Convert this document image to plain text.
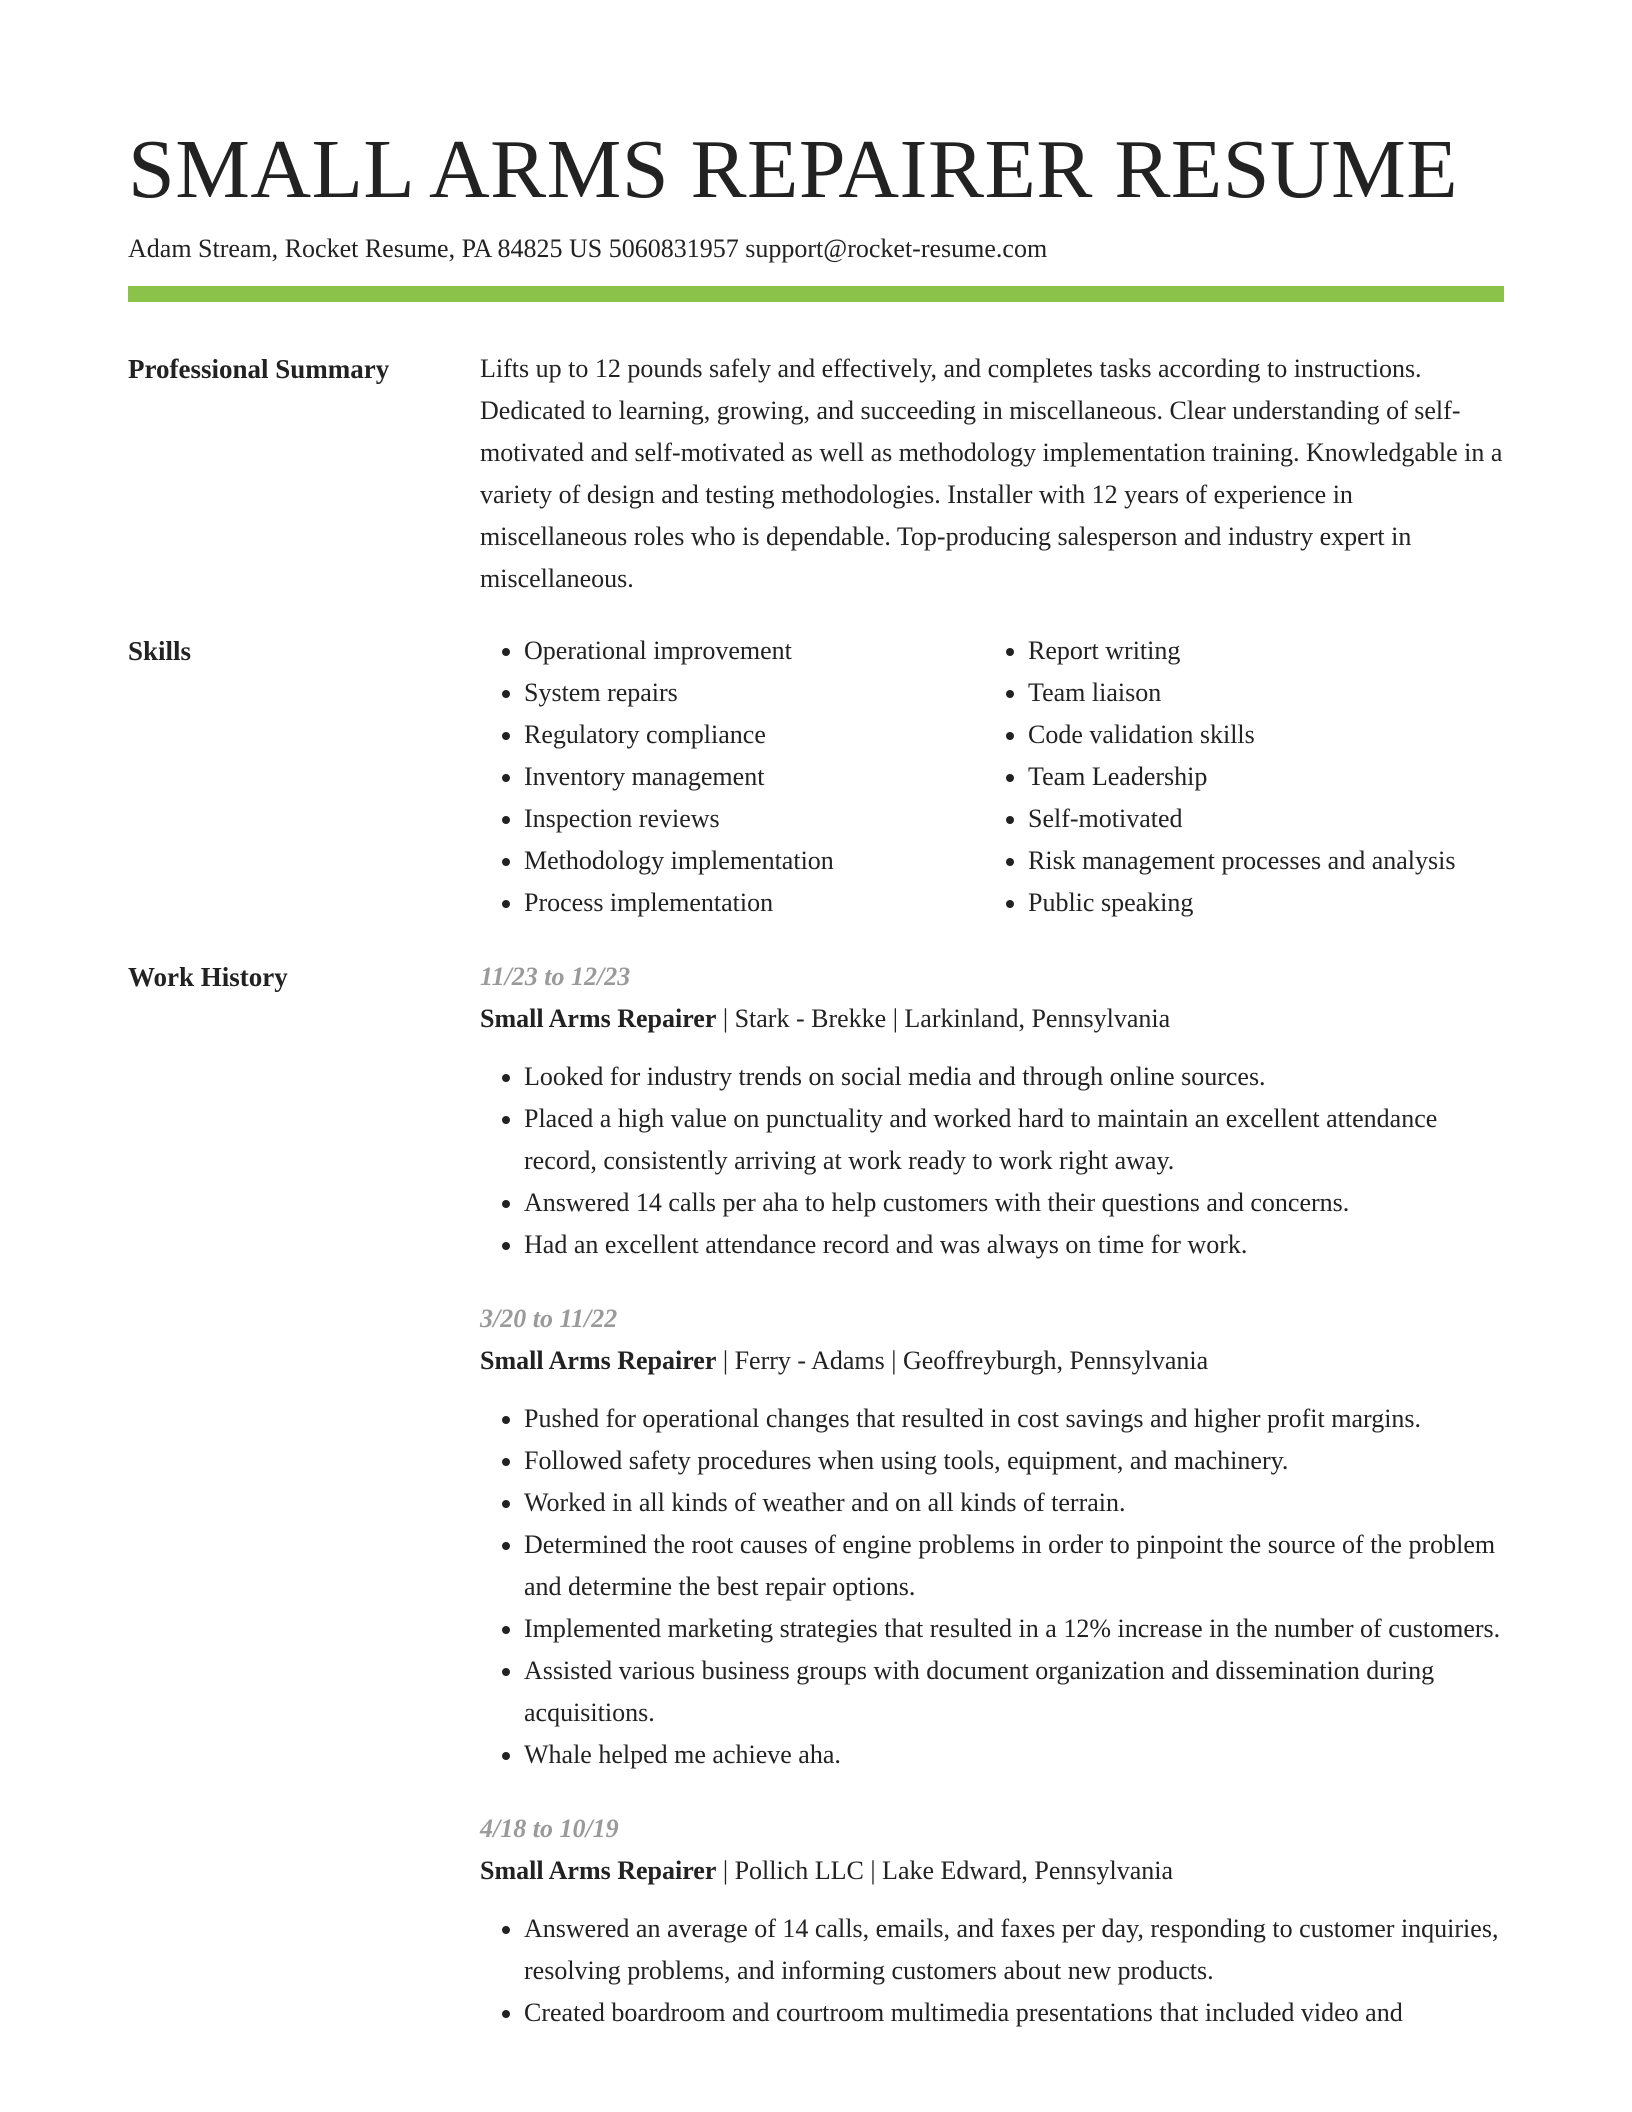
SMALL ARMS REPAIRER RESUME
Adam Stream, Rocket Resume, PA 84825 US 5060831957 support@rocket-resume.com
Professional Summary	Lifts up to 12 pounds safely and effectively, and completes tasks according to instructions. Dedicated to learning, growing, and succeeding in miscellaneous. Clear understanding of self-motivated and self-motivated as well as methodology implementation training. Knowledgable in a variety of design and testing methodologies. Installer with 12 years of experience in miscellaneous roles who is dependable. Top-producing salesperson and industry expert in miscellaneous.

Skills
•	Operational improvement
• System repairs
• Regulatory compliance
• Inventory management
• Inspection reviews
• Methodology implementation
• Process implementation
• Report writing
• Team liaison
• Code validation skills
• Team Leadership
• Self-motivated
• Risk management processes and analysis
• Public speaking
Work History	11/23 to 12/23

Small Arms Repairer | Stark - Brekke | Larkinland, Pennsylvania

• Looked for industry trends on social media and through online sources.
• Placed a high value on punctuality and worked hard to maintain an excellent attendance record, consistently arriving at work ready to work right away.
• Answered 14 calls per aha to help customers with their questions and concerns.
• Had an excellent attendance record and was always on time for work.

3/20 to 11/22

Small Arms Repairer | Ferry - Adams | Geoffreyburgh, Pennsylvania

• Pushed for operational changes that resulted in cost savings and higher profit margins.
• Followed safety procedures when using tools, equipment, and machinery.
• Worked in all kinds of weather and on all kinds of terrain.
• Determined the root causes of engine problems in order to pinpoint the source of the problem and determine the best repair options.
• Implemented marketing strategies that resulted in a 12% increase in the number of customers.
• Assisted various business groups with document organization and dissemination during acquisitions.
• Whale helped me achieve aha.

4/18 to 10/19

Small Arms Repairer | Pollich LLC | Lake Edward, Pennsylvania

• Answered an average of 14 calls, emails, and faxes per day, responding to customer inquiries, resolving problems, and informing customers about new products.
• Created boardroom and courtroom multimedia presentations that included video and
